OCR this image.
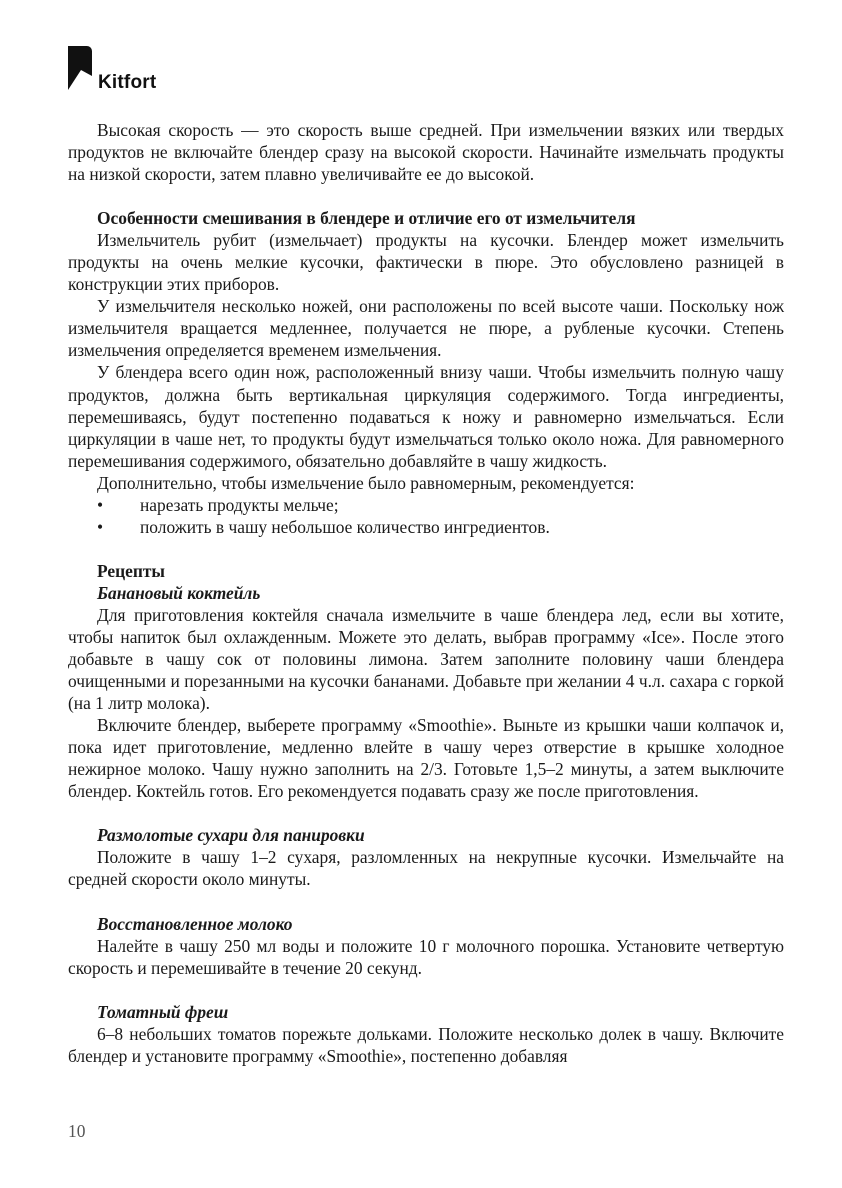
Kitfort

Высокая скорость — это скорость выше средней. При измельчении вязких или твердых продуктов не включайте блендер сразу на высокой скорости. Начинайте измельчать продукты на низкой скорости, затем плавно увеличивайте ее до высокой.

Особенности смешивания в блендере и отличие его от измельчителя

Измельчитель рубит (измельчает) продукты на кусочки. Блендер может измельчить продукты на очень мелкие кусочки, фактически в пюре. Это обусловлено разницей в конструкции этих приборов.

У измельчителя несколько ножей, они расположены по всей высоте чаши. Поскольку нож измельчителя вращается медленнее, получается не пюре, а рубленые кусочки. Степень измельчения определяется временем измельчения.

У блендера всего один нож, расположенный внизу чаши. Чтобы измельчить полную чашу продуктов, должна быть вертикальная циркуляция содержимого. Тогда ингредиенты, перемешиваясь, будут постепенно подаваться к ножу и равномерно измельчаться. Если циркуляции в чаше нет, то продукты будут измельчаться только около ножа. Для равномерного перемешивания содержимого, обязательно добавляйте в чашу жидкость.

Дополнительно, чтобы измельчение было равномерным, рекомендуется:

• нарезать продукты мельче;

• положить в чашу небольшое количество ингредиентов.

Рецепты

Банановый коктейль

Для приготовления коктейля сначала измельчите в чаше блендера лед, если вы хотите, чтобы напиток был охлажденным. Можете это делать, выбрав программу «Ice». После этого добавьте в чашу сок от половины лимона. Затем заполните половину чаши блендера очищенными и порезанными на кусочки бананами. Добавьте при желании 4 ч.л. сахара с горкой (на 1 литр молока).

Включите блендер, выберете программу «Smoothie». Выньте из крышки чаши колпачок и, пока идет приготовление, медленно влейте в чашу через отверстие в крышке холодное нежирное молоко. Чашу нужно заполнить на 2/3. Готовьте 1,5–2 минуты, а затем выключите блендер. Коктейль готов. Его рекомендуется подавать сразу же после приготовления.

Размолотые сухари для панировки

Положите в чашу 1–2 сухаря, разломленных на некрупные кусочки. Измельчайте на средней скорости около минуты.

Восстановленное молоко

Налейте в чашу 250 мл воды и положите 10 г молочного порошка. Установите четвертую скорость и перемешивайте в течение 20 секунд.

Томатный фреш

6–8 небольших томатов порежьте дольками. Положите несколько долек в чашу. Включите блендер и установите программу «Smoothie», постепенно добавляя

10
